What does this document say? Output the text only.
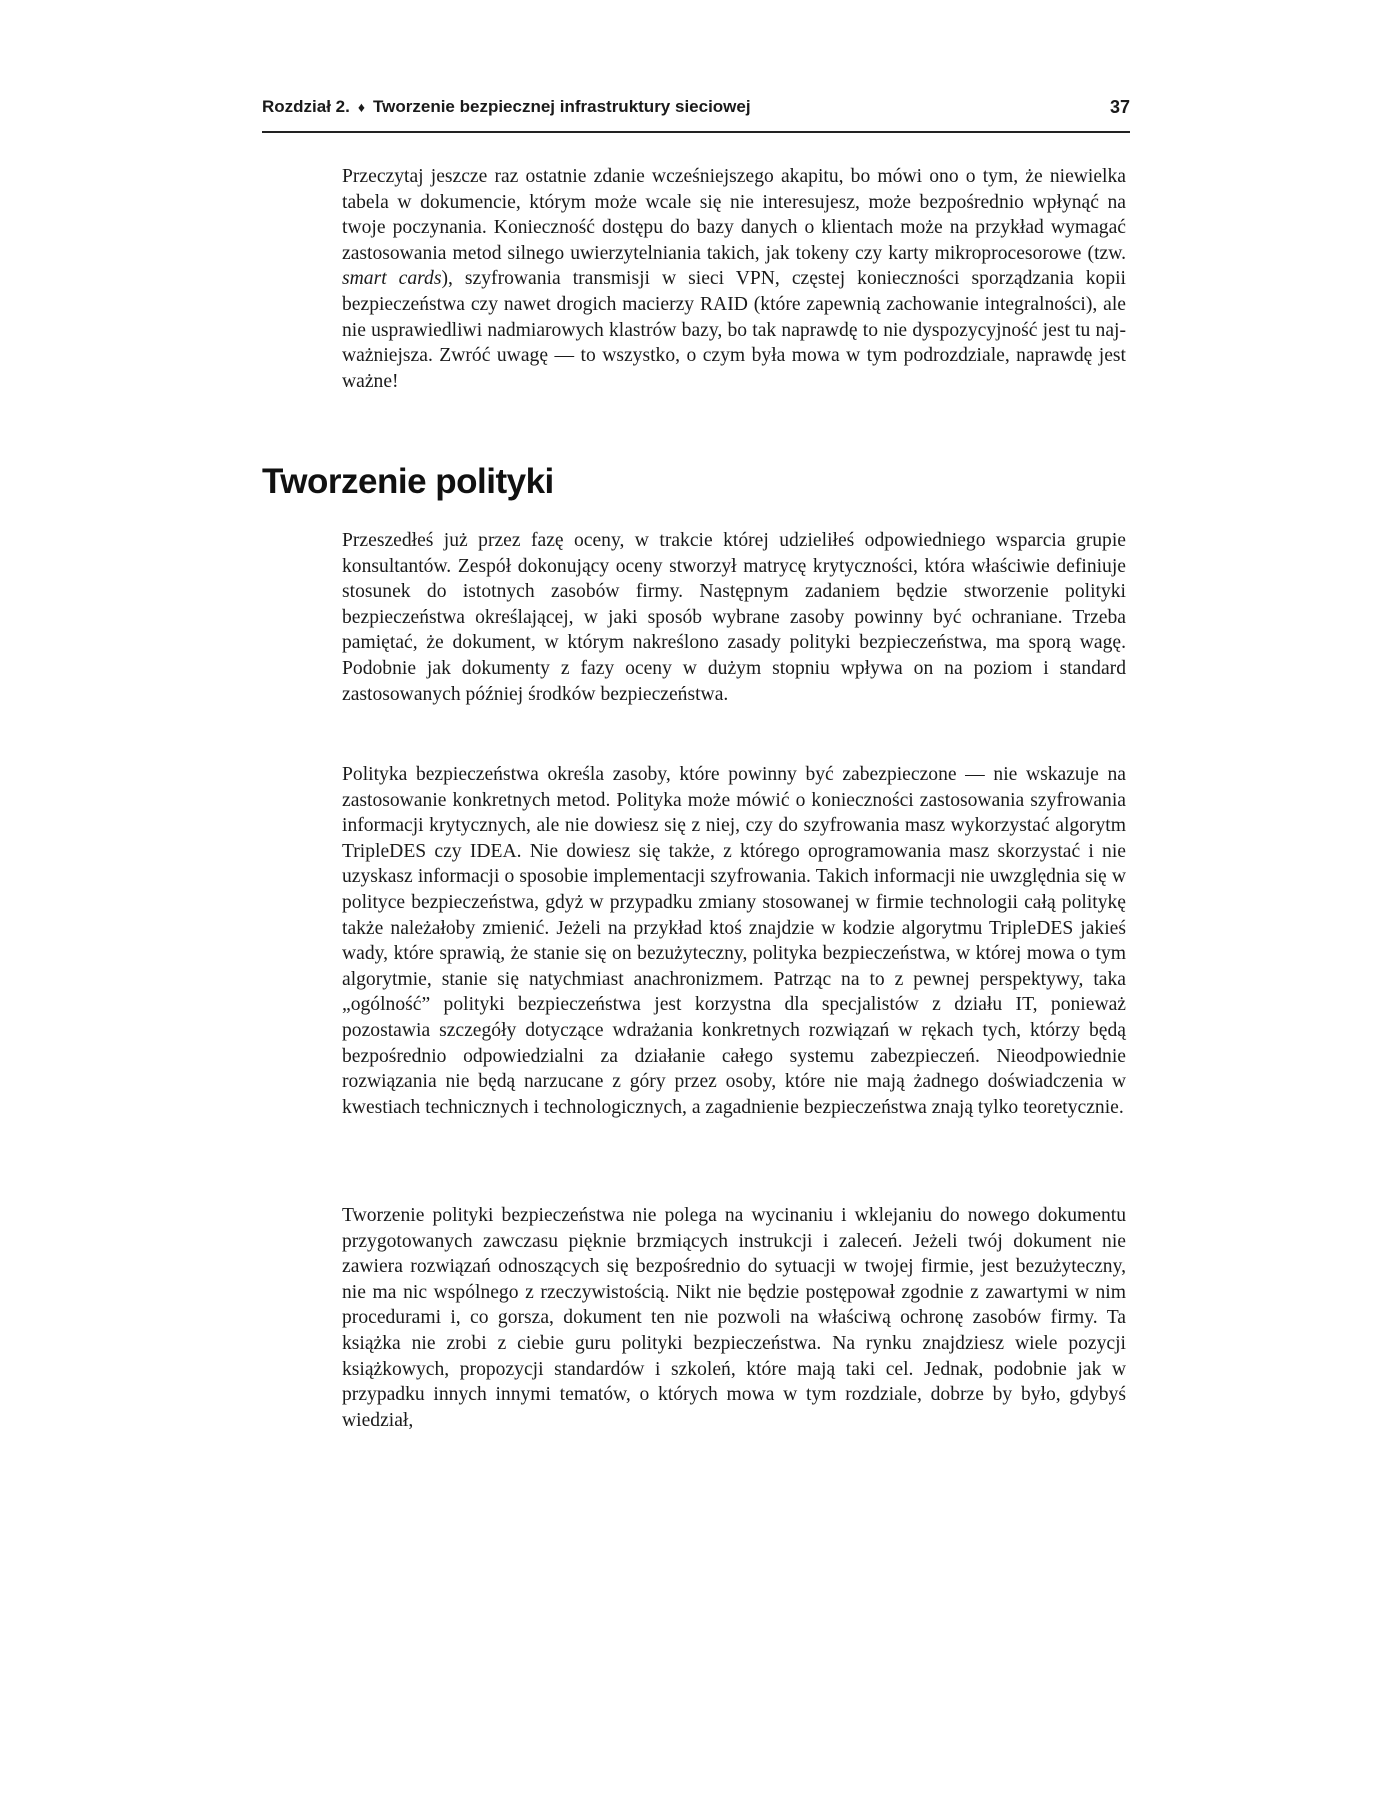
Rozdział 2. ♦ Tworzenie bezpiecznej infrastruktury sieciowej	37

Przeczytaj jeszcze raz ostatnie zdanie wcześniejszego akapitu, bo mówi ono o tym, że niewielka tabela w dokumencie, którym może wcale się nie interesujesz, może bezpośrednio wpłynąć na twoje poczynania. Konieczność dostępu do bazy danych o klientach może na przykład wymagać zastosowania metod silnego uwierzytelniania takich, jak tokeny czy karty mikroprocesorowe (tzw. smart cards), szyfrowania transmisji w sieci VPN, częstej konieczności sporządzania kopii bezpieczeństwa czy nawet drogich macierzy RAID (które zapewnią zachowanie integralności), ale nie usprawiedliwi nadmiarowych klastrów bazy, bo tak naprawdę to nie dyspozycyjność jest tu najważniejsza. Zwróć uwagę — to wszystko, o czym była mowa w tym podrozdziale, naprawdę jest ważne!

Tworzenie polityki

Przeszedłeś już przez fazę oceny, w trakcie której udzieliłeś odpowiedniego wsparcia grupie konsultantów. Zespół dokonujący oceny stworzył matrycę krytyczności, która właściwie definiuje stosunek do istotnych zasobów firmy. Następnym zadaniem będzie stworzenie polityki bezpieczeństwa określającej, w jaki sposób wybrane zasoby powinny być ochraniane. Trzeba pamiętać, że dokument, w którym nakreślono zasady polityki bezpieczeństwa, ma sporą wagę. Podobnie jak dokumenty z fazy oceny w dużym stopniu wpływa on na poziom i standard zastosowanych później środków bezpieczeństwa.

Polityka bezpieczeństwa określa zasoby, które powinny być zabezpieczone — nie wskazuje na zastosowanie konkretnych metod. Polityka może mówić o konieczności zastosowania szyfrowania informacji krytycznych, ale nie dowiesz się z niej, czy do szyfrowania masz wykorzystać algorytm TripleDES czy IDEA. Nie dowiesz się także, z którego oprogramowania masz skorzystać i nie uzyskasz informacji o sposobie implementacji szyfrowania. Takich informacji nie uwzględnia się w polityce bezpieczeństwa, gdyż w przypadku zmiany stosowanej w firmie technologii całą politykę także należałoby zmienić. Jeżeli na przykład ktoś znajdzie w kodzie algorytmu TripleDES jakieś wady, które sprawią, że stanie się on bezużyteczny, polityka bezpieczeństwa, w której mowa o tym algorytmie, stanie się natychmiast anachronizmem. Patrząc na to z pewnej perspektywy, taka „ogólność” polityki bezpieczeństwa jest korzystna dla specjalistów z działu IT, ponieważ pozostawia szczegóły dotyczące wdrażania konkretnych rozwiązań w rękach tych, którzy będą bezpośrednio odpowiedzialni za działanie całego systemu zabezpieczeń. Nieodpowiednie rozwiązania nie będą narzucane z góry przez osoby, które nie mają żadnego doświadczenia w kwestiach technicznych i technologicznych, a zagadnienie bezpieczeństwa znają tylko teoretycznie.

Tworzenie polityki bezpieczeństwa nie polega na wycinaniu i wklejaniu do nowego dokumentu przygotowanych zawczasu pięknie brzmiących instrukcji i zaleceń. Jeżeli twój dokument nie zawiera rozwiązań odnoszących się bezpośrednio do sytuacji w twojej firmie, jest bezużyteczny, nie ma nic wspólnego z rzeczywistością. Nikt nie będzie postępował zgodnie z zawartymi w nim procedurami i, co gorsza, dokument ten nie pozwoli na właściwą ochronę zasobów firmy. Ta książka nie zrobi z ciebie guru polityki bezpieczeństwa. Na rynku znajdziesz wiele pozycji książkowych, propozycji standardów i szkoleń, które mają taki cel. Jednak, podobnie jak w przypadku innych innymi tematów, o których mowa w tym rozdziale, dobrze by było, gdybyś wiedział,
